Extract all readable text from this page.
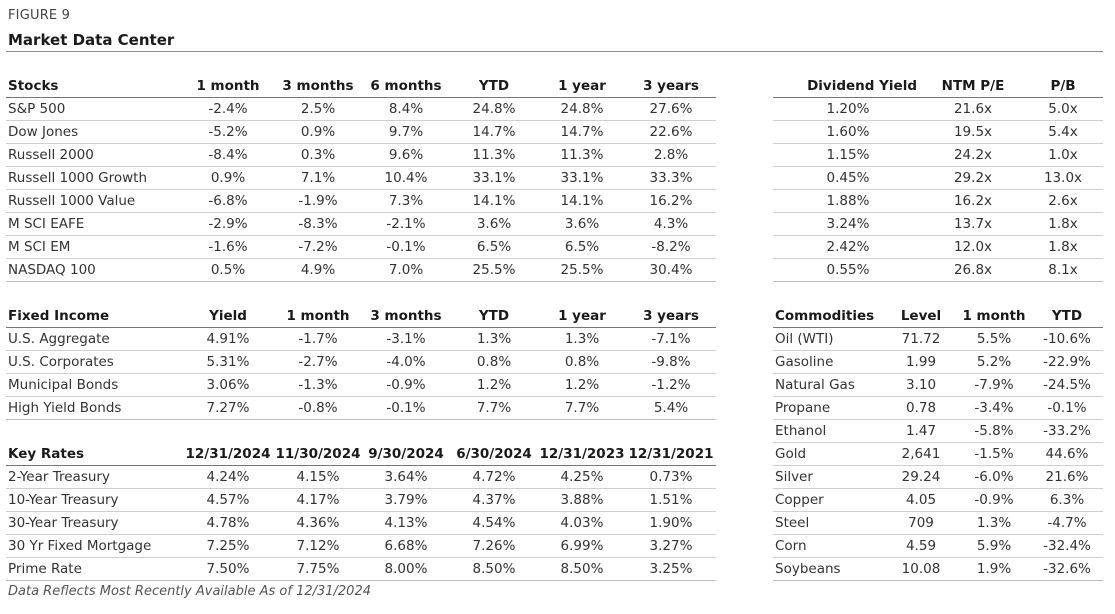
FIGURE 9
Market Data Center
Stocks	1 month	3 months	6 months	YTD	1 year	3 years
S&P 500	-2.4%	2.5%	8.4%	24.8%	24.8%	27.6%
Dow Jones	-5.2%	0.9%	9.7%	14.7%	14.7%	22.6%
Russell 2000	-8.4%	0.3%	9.6%	11.3%	11.3%	2.8%
Russell 1000 Growth	0.9%	7.1%	10.4%	33.1%	33.1%	33.3%
Russell 1000 Value	-6.8%	-1.9%	7.3%	14.1%	14.1%	16.2%
M SCI EAFE	-2.9%	-8.3%	-2.1%	3.6%	3.6%	4.3%
M SCI EM	-1.6%	-7.2%	-0.1%	6.5%	6.5%	-8.2%
NASDAQ 100	0.5%	4.9%	7.0%	25.5%	25.5%	30.4%
Dividend Yield	NTM P/E	P/B
1.20%	21.6x	5.0x
1.60%	19.5x	5.4x
1.15%	24.2x	1.0x
0.45%	29.2x	13.0x
1.88%	16.2x	2.6x
3.24%	13.7x	1.8x
2.42%	12.0x	1.8x
0.55%	26.8x	8.1x
Fixed Income	Yield	1 month	3 months	YTD	1 year	3 years
U.S. Aggregate	4.91%	-1.7%	-3.1%	1.3%	1.3%	-7.1%
U.S. Corporates	5.31%	-2.7%	-4.0%	0.8%	0.8%	-9.8%
Municipal Bonds	3.06%	-1.3%	-0.9%	1.2%	1.2%	-1.2%
High Yield Bonds	7.27%	-0.8%	-0.1%	7.7%	7.7%	5.4%
Key Rates	12/31/2024	11/30/2024	9/30/2024	6/30/2024	12/31/2023	12/31/2021
2-Year Treasury	4.24%	4.15%	3.64%	4.72%	4.25%	0.73%
10-Year Treasury	4.57%	4.17%	3.79%	4.37%	3.88%	1.51%
30-Year Treasury	4.78%	4.36%	4.13%	4.54%	4.03%	1.90%
30 Yr Fixed Mortgage	7.25%	7.12%	6.68%	7.26%	6.99%	3.27%
Prime Rate	7.50%	7.75%	8.00%	8.50%	8.50%	3.25%
Commodities	Level	1 month	YTD
Oil (WTI)	71.72	5.5%	-10.6%
Gasoline	1.99	5.2%	-22.9%
Natural Gas	3.10	-7.9%	-24.5%
Propane	0.78	-3.4%	-0.1%
Ethanol	1.47	-5.8%	-33.2%
Gold	2,641	-1.5%	44.6%
Silver	29.24	-6.0%	21.6%
Copper	4.05	-0.9%	6.3%
Steel	709	1.3%	-4.7%
Corn	4.59	5.9%	-32.4%
Soybeans	10.08	1.9%	-32.6%
Data Reflects Most Recently Available As of 12/31/2024
